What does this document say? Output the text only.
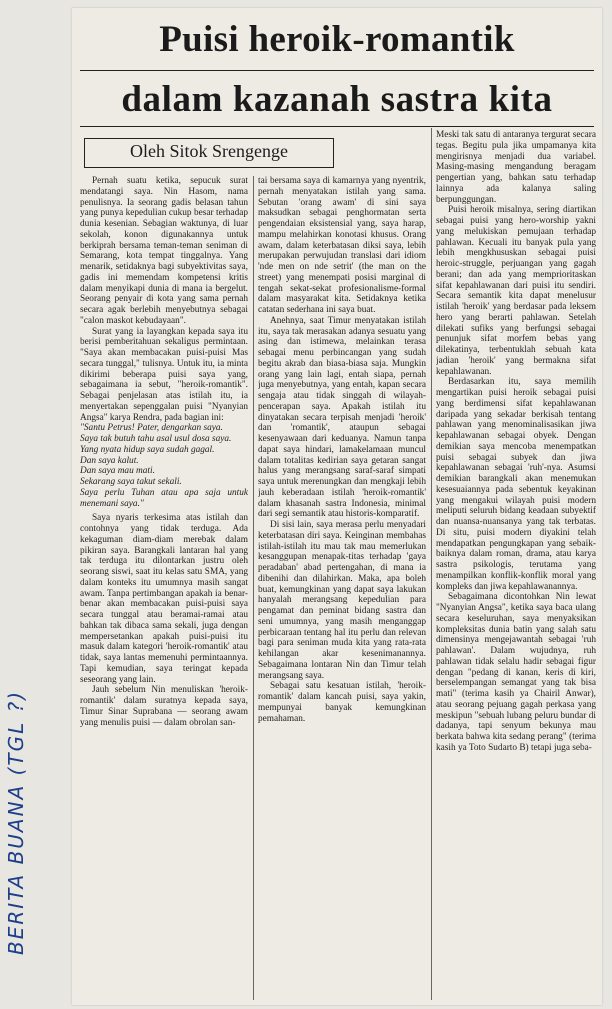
BERITA BUANA (TGL ?)
Puisi heroik-romantik
dalam kazanah sastra kita
Oleh Sitok Srengenge

Pernah suatu ketika, sepucuk surat mendatangi saya. Nin Hasom, nama penulisnya. Ia seorang gadis belasan tahun yang punya kepedulian cukup besar terhadap dunia kesenian. Sebagian waktunya, di luar sekolah, konon digunakannya untuk berkiprah bersama teman-teman seniman di Semarang, kota tempat tinggalnya. Yang menarik, setidaknya bagi subyektivitas saya, gadis ini memendam kompetensi kritis dalam menyikapi dunia di mana ia bergelut. Seorang penyair di kota yang sama pernah secara agak berlebih menyebutnya sebagai "calon maskot kebudayaan".

Surat yang ia layangkan kepada saya itu berisi pemberitahuan sekaligus permintaan. "Saya akan membacakan puisi-puisi Mas secara tunggal," tulisnya. Untuk itu, ia minta dikirimi beberapa puisi saya yang, sebagaimana ia sebut, "heroik-romantik". Sebagai penjelasan atas istilah itu, ia menyertakan sepenggalan puisi "Nyanyian Angsa" karya Rendra, pada bagian ini:

"Santu Petrus! Pater, dengarkan saya.

Saya tak butuh tahu asal usul dosa saya.

Yang nyata hidup saya sudah gagal.

Dan saya kalut.

Dan saya mau mati.

Sekarang saya takut sekali.

Saya perlu Tuhan atau apa saja untuk menemani saya."

Saya nyaris terkesima atas istilah dan contohnya yang tidak terduga. Ada kekaguman diam-diam merebak dalam pikiran saya. Barangkali lantaran hal yang tak terduga itu dilontarkan justru oleh seorang siswi, saat itu kelas satu SMA, yang dalam konteks itu umumnya masih sangat awam. Tanpa pertimbangan apakah ia benar-benar akan membacakan puisi-puisi saya secara tunggal atau beramai-ramai atau bahkan tak dibaca sama sekali, juga dengan mempersetankan apakah puisi-puisi itu masuk dalam kategori 'heroik-romantik' atau tidak, saya lantas memenuhi permintaannya. Tapi kemudian, saya teringat kepada seseorang yang lain.

Jauh sebelum Nin menuliskan 'heroik-romantik' dalam suratnya kepada saya, Timur Sinar Suprabana — seorang awam yang menulis puisi — dalam obrolan san-

tai bersama saya di kamarnya yang nyentrik, pernah menyatakan istilah yang sama. Sebutan 'orang awam' di sini saya maksudkan sebagai penghormatan serta pengendaian eksistensial yang, saya harap, mampu melahirkan konotasi khusus. Orang awam, dalam keterbatasan diksi saya, lebih merupakan perwujudan translasi dari idiom 'nde men on nde setrit' (the man on the street) yang menempati posisi marginal di tengah sekat-sekat profesionalisme-formal dalam masyarakat kita. Setidaknya ketika catatan sederhana ini saya buat.

Anehnya, saat Timur menyatakan istilah itu, saya tak merasakan adanya sesuatu yang asing dan istimewa, melainkan terasa sebagai menu perbincangan yang sudah begitu akrab dan biasa-biasa saja. Mungkin orang yang lain lagi, entah siapa, pernah juga menyebutnya, yang entah, kapan secara sengaja atau tidak singgah di wilayah-pencerapan saya. Apakah istilah itu dinyatakan secara terpisah menjadi 'heroik' dan 'romantik', ataupun sebagai kesenyawaan dari keduanya. Namun tanpa dapat saya hindari, lamakelamaan muncul dalam totalitas kedirian saya getaran sangat halus yang merangsang saraf-saraf simpati saya untuk merenungkan dan mengkaji lebih jauh keberadaan istilah 'heroik-romantik' dalam khasanah sastra Indonesia, minimal dari segi semantik atau historis-komparatif.

Di sisi lain, saya merasa perlu menyadari keterbatasan diri saya. Keinginan membahas istilah-istilah itu mau tak mau memerlukan kesanggupan menapak-titas terhadap 'gaya peradaban' abad pertengahan, di mana ia dibenihi dan dilahirkan. Maka, apa boleh buat, kemungkinan yang dapat saya lakukan hanyalah merangsang kepedulian para pengamat dan peminat bidang sastra dan seni umumnya, yang masih menganggap perbicaraan tentang hal itu perlu dan relevan bagi para seniman muda kita yang rata-rata kehilangan akar kesenimanannya. Sebagaimana lontaran Nin dan Timur telah merangsang saya.

Sebagai satu kesatuan istilah, 'heroik-romantik' dalam kancah puisi, saya yakin, mempunyai banyak kemungkinan pemahaman.

Meski tak satu di antaranya tergurat secara tegas. Begitu pula jika umpamanya kita mengirisnya menjadi dua variabel. Masing-masing mengandung beragam pengertian yang, bahkan satu terhadap lainnya ada kalanya saling berpunggungan.

Puisi heroik misalnya, sering diartikan sebagai puisi yang hero-worship yakni yang melukiskan pemujaan terhadap pahlawan. Kecuali itu banyak pula yang lebih mengkhususkan sebagai puisi heroic-struggle, perjuangan yang gagah berani; dan ada yang memprioritaskan sifat kepahlawanan dari puisi itu sendiri. Secara semantik kita dapat menelusur istilah 'heroik' yang berdasar pada leksem hero yang berarti pahlawan. Setelah dilekati sufiks yang berfungsi sebagai penunjuk sifat morfem bebas yang dilekatinya, terbentuklah sebuah kata jadian 'heroik' yang bermakna sifat kepahlawanan.

Berdasarkan itu, saya memilih mengartikan puisi heroik sebagai puisi yang berdimensi sifat kepahlawanan daripada yang sekadar berkisah tentang pahlawan yang menominalisasikan jiwa kepahlawanan sebagai obyek. Dengan demikian saya mencoba menempatkan puisi sebagai subyek dan jiwa kepahlawanan sebagai 'ruh'-nya. Asumsi demikian barangkali akan menemukan kesesuaiannya pada sebentuk keyakinan yang mengakui wilayah puisi modern meliputi seluruh bidang keadaan subyektif dan nuansa-nuansanya yang tak terbatas. Di situ, puisi modern diyakini telah mendapatkan pengungkapan yang sebaik-baiknya dalam roman, drama, atau karya sastra psikologis, terutama yang menampilkan konflik-konflik moral yang kompleks dan jiwa kepahlawanannya.

Sebagaimana dicontohkan Nin lewat "Nyanyian Angsa", ketika saya baca ulang secara keseluruhan, saya menyaksikan kompleksitas dunia batin yang salah satu dimensinya mengejawantah sebagai 'ruh pahlawan'. Dalam wujudnya, ruh pahlawan tidak selalu hadir sebagai figur dengan "pedang di kanan, keris di kiri, berselempangan semangat yang tak bisa mati" (terima kasih ya Chairil Anwar), atau seorang pejuang gagah perkasa yang meskipun "sebuah lubang peluru bundar di dadanya, tapi senyum bekunya mau berkata bahwa kita sedang perang" (terima kasih ya Toto Sudarto B) tetapi juga seba-
